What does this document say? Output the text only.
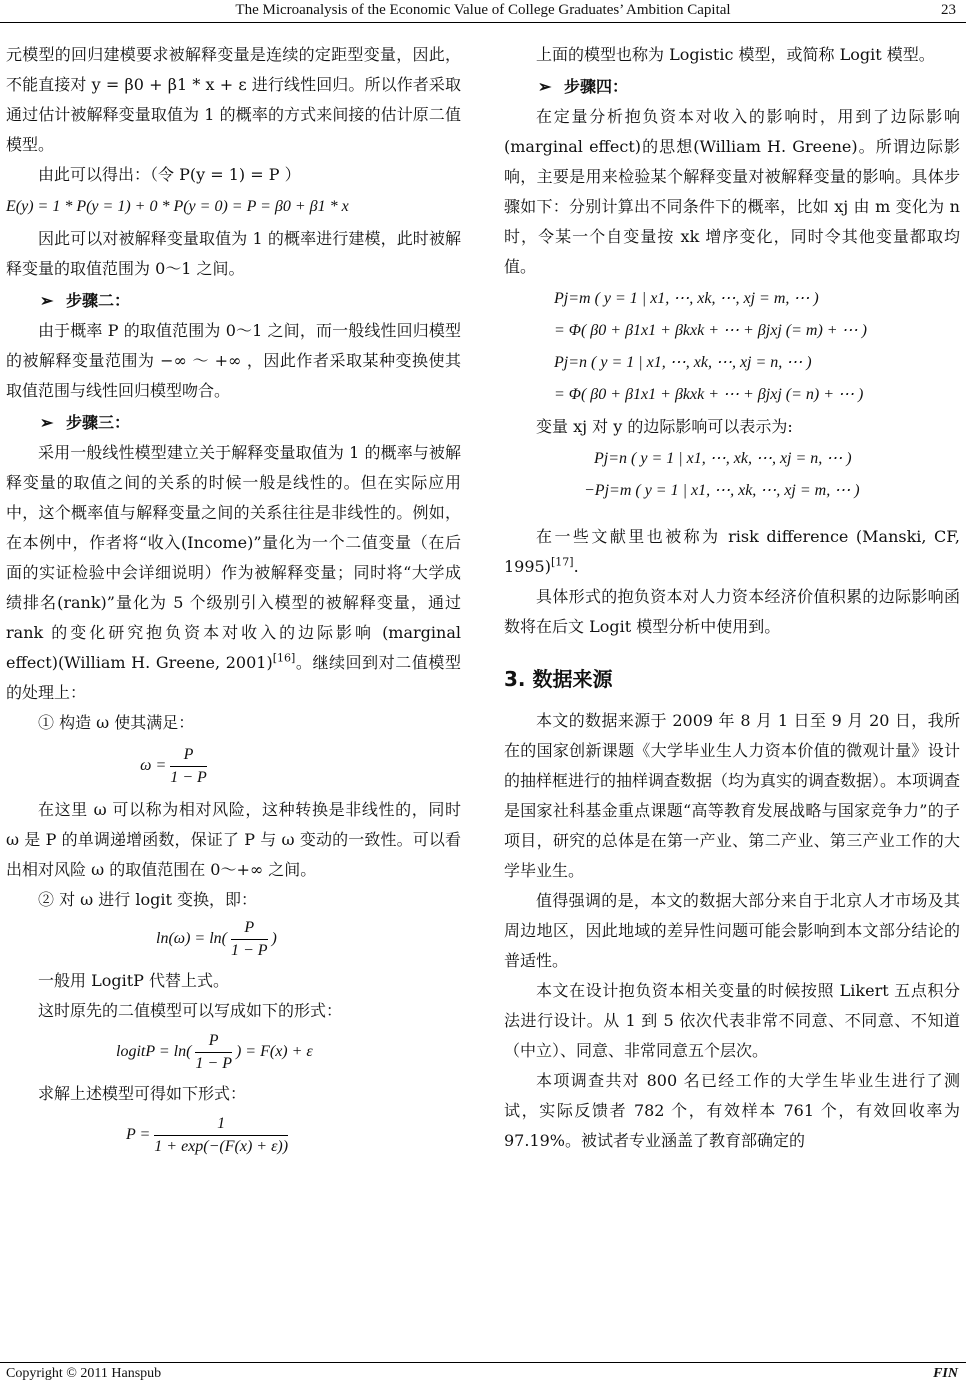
The Microanalysis of the Economic Value of College Graduates’ Ambition Capital	23

元模型的回归建模要求被解释变量是连续的定距型变量，因此，不能直接对 y = β0 + β1 * x + ε 进行线性回归。所以作者采取通过估计被解释变量取值为 1 的概率的方式来间接的估计原二值模型。

由此可以得出：（令 P(y = 1) = P ）

E(y) = 1 * P(y = 1) + 0 * P(y = 0) = P = β0 + β1 * x

因此可以对被解释变量取值为 1 的概率进行建模，此时被解释变量的取值范围为 0～1 之间。

➢ 步骤二：

由于概率 P 的取值范围为 0～1 之间，而一般线性回归模型的被解释变量范围为 −∞ ～ +∞ ，因此作者采取某种变换使其取值范围与线性回归模型吻合。

➢ 步骤三：

采用一般线性模型建立关于解释变量取值为 1 的概率与被解释变量的取值之间的关系的时候一般是线性的。但在实际应用中，这个概率值与解释变量之间的关系往往是非线性的。例如，在本例中，作者将“收入(Income)”量化为一个二值变量（在后面的实证检验中会详细说明）作为被解释变量；同时将“大学成绩排名(rank)”量化为 5 个级别引入模型的被解释变量，通过 rank 的变化研究抱负资本对收入的边际影响 (marginal effect)(William H. Greene, 2001)[16]。继续回到对二值模型的处理上：

① 构造 ω 使其满足：

$\omega = \frac{P}{1 - P}$

在这里 ω 可以称为相对风险，这种转换是非线性的，同时 ω 是 P 的单调递增函数，保证了 P 与 ω 变动的一致性。可以看出相对风险 ω 的取值范围在 0～+∞ 之间。

② 对 ω 进行 logit 变换，即：

$\ln(\omega) = \ln( \frac{P}{1 - P}$ )

一般用 LogitP 代替上式。

这时原先的二值模型可以写成如下的形式：

logitP = $\ln( \frac{P}{1 - P}$ ) = F(x) + ε

求解上述模型可得如下形式：

$P = \frac{1}{1 + \exp(-(F(x) + \varepsilon))}$

上面的模型也称为 Logistic 模型，或简称 Logit 模型。

➢ 步骤四：

在定量分析抱负资本对收入的影响时，用到了边际影响(marginal effect)的思想(William H. Greene)。所谓边际影响，主要是用来检验某个解释变量对被解释变量的影响。具体步骤如下：分别计算出不同条件下的概率，比如 xj 由 m 变化为 n 时，令某一个自变量按 xk 增序变化，同时令其他变量都取均值。

Pj=m ( y = 1 | x1, ⋯, xk, ⋯, xj = m, ⋯ )

= Φ( β0 + β1x1 + βkxk + ⋯ + βjxj (= m) + ⋯ )

Pj=n ( y = 1 | x1, ⋯, xk, ⋯, xj = n, ⋯ )

= Φ( β0 + β1x1 + βkxk + ⋯ + βjxj (= n) + ⋯ )

变量 xj 对 y 的边际影响可以表示为:

Pj=n ( y = 1 | x1, ⋯, xk, ⋯, xj = n, ⋯ )

−Pj=m ( y = 1 | x1, ⋯, xk, ⋯, xj = m, ⋯ )

在一些文献里也被称为 risk difference (Manski, CF, 1995)[17].

具体形式的抱负资本对人力资本经济价值积累的边际影响函数将在后文 Logit 模型分析中使用到。

3. 数据来源

本文的数据来源于 2009 年 8 月 1 日至 9 月 20 日，我所在的国家创新课题《大学毕业生人力资本价值的微观计量》设计的抽样框进行的抽样调查数据（均为真实的调查数据）。本项调查是国家社科基金重点课题“高等教育发展战略与国家竞争力”的子项目，研究的总体是在第一产业、第二产业、第三产业工作的大学毕业生。

值得强调的是，本文的数据大部分来自于北京人才市场及其周边地区，因此地域的差异性问题可能会影响到本文部分结论的普适性。

本文在设计抱负资本相关变量的时候按照 Likert 五点积分法进行设计。从 1 到 5 依次代表非常不同意、不同意、不知道（中立）、同意、非常同意五个层次。

本项调查共对 800 名已经工作的大学生毕业生进行了测试，实际反馈者 782 个，有效样本 761 个，有效回收率为 97.19%。被试者专业涵盖了教育部确定的

Copyright © 2011 Hanspub	FIN
